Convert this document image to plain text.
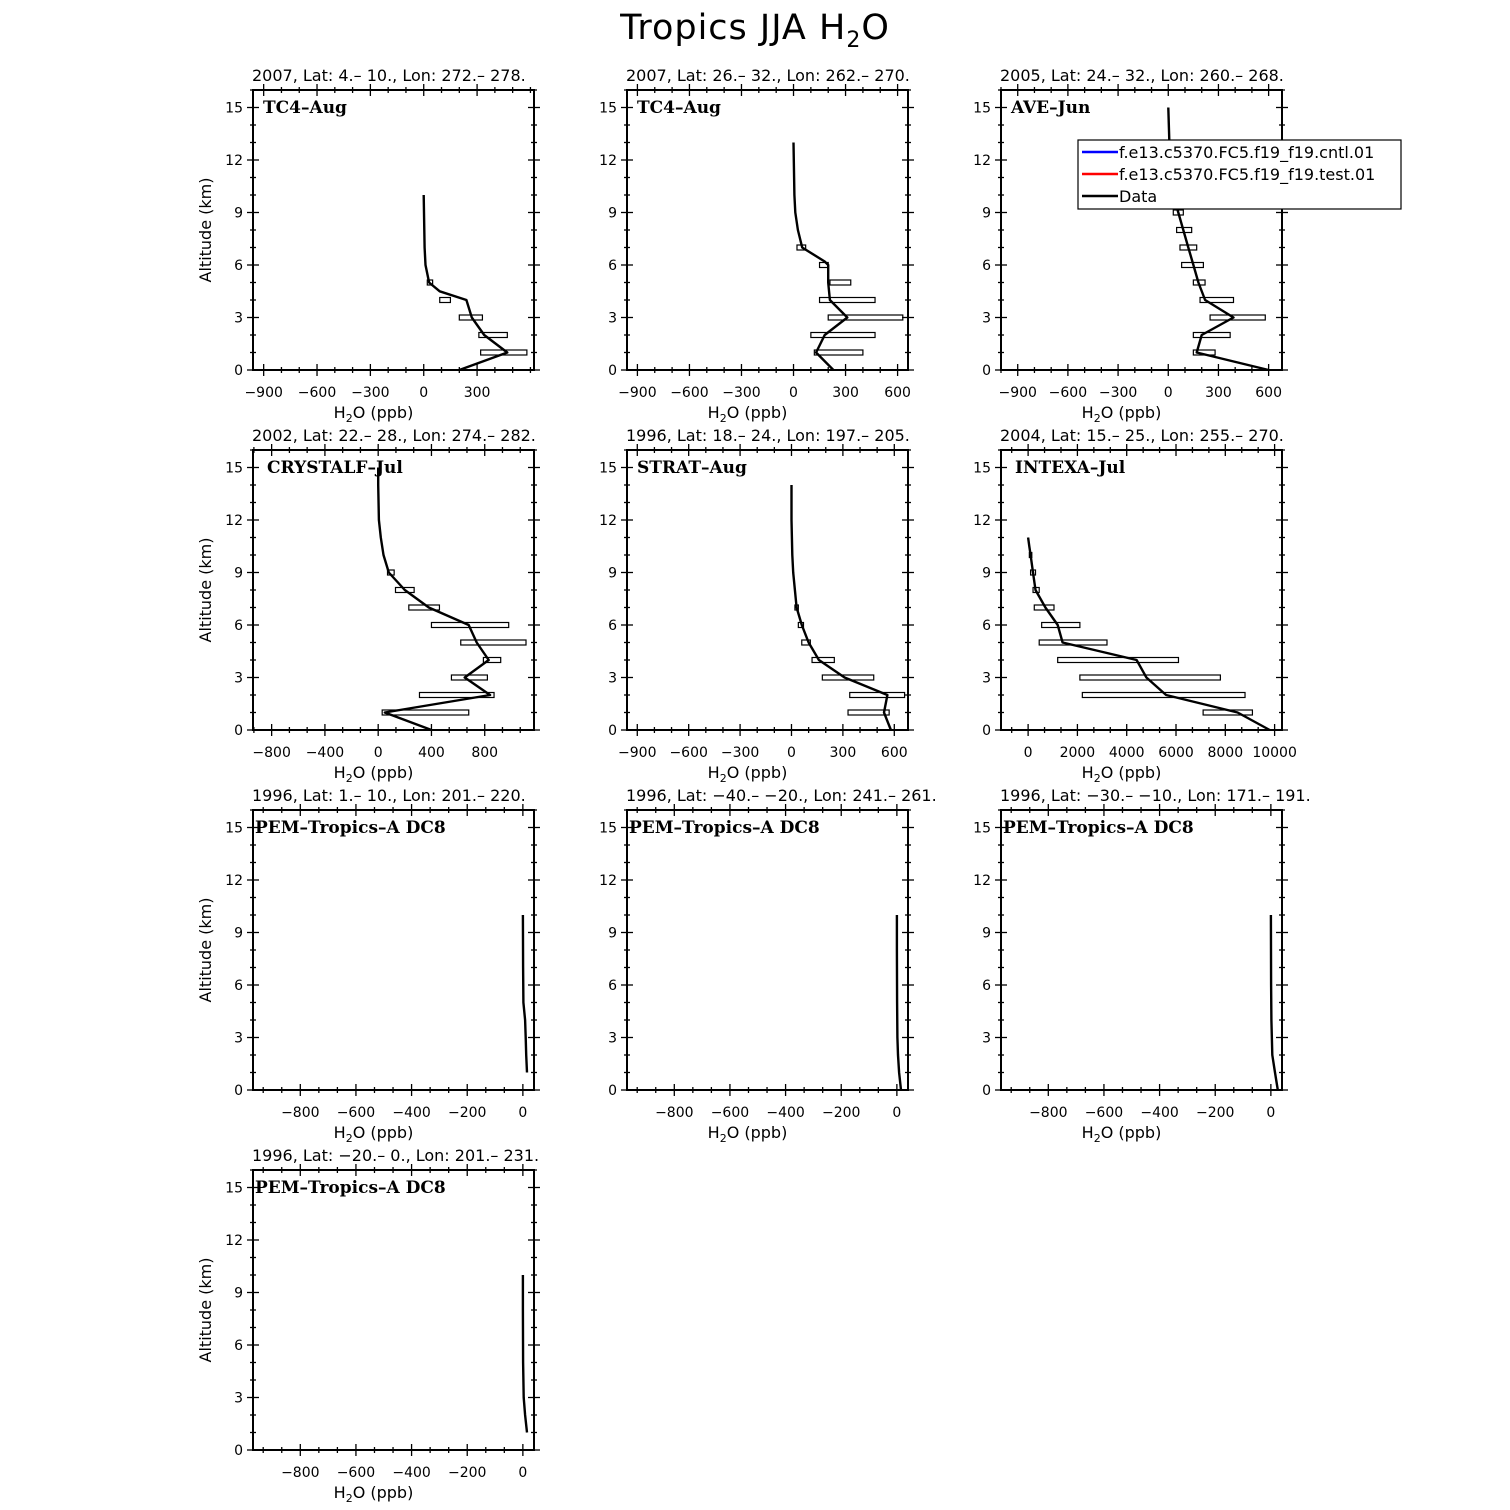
Tropics JJA $H_2O$
2007, Lat: 4.– 10., Lon: 272.– 278.
0
3
6
9
12
15
−900 −600 −300 0	300
$H_2O$ (ppb)
Altitude (km)
TC4–Aug
2007, Lat: 26.– 32., Lon: 262.– 270.
0
3
6
9
12
15
−900 −600 −300 0 300 600
$H_2O$ (ppb)
TC4–Aug
2005, Lat: 24.– 32., Lon: 260.– 268.
0
3
6
9
12
15
−900 −600 −300 0 300 600
$H_2O$ (ppb)
AVE–Jun
2002, Lat: 22.– 28., Lon: 274.– 282.
0
3
6
9
12
15
−800 −400 0	400 800
$H_2O$ (ppb)
Altitude (km)
CRYSTALF–Jul
1996, Lat: 18.– 24., Lon: 197.– 205.
0
3
6
9
12
15
−900 −600 −300 0 300 600
$H_2O$ (ppb)
STRAT–Aug
2004, Lat: 15.– 25., Lon: 255.– 270.
0
3
6
9
12
15
0 2000 4000 6000 8000 10000
$H_2O$ (ppb)
INTEXA–Jul
1996, Lat: 1.– 10., Lon: 201.– 220.
0
3
6
9
12
15
−800 −600 −400 −200 0
$H_2O$ (ppb)
Altitude (km)
PEM–Tropics–A DC8
1996, Lat: −40.– −20., Lon: 241.– 261.
0
3
6
9
12
15
−800 −600 −400 −200 0
$H_2O$ (ppb)
PEM–Tropics–A DC8
1996, Lat: −30.– −10., Lon: 171.– 191.
0
3
6
9
12
15
−800 −600 −400 −200 0
$H_2O$ (ppb)
PEM–Tropics–A DC8
1996, Lat: −20.– 0., Lon: 201.– 231.
0
3
6
9
12
15
−800 −600 −400 −200 0
$H_2O$ (ppb)
Altitude (km)
PEM–Tropics–A DC8
f.e13.c5370.FC5.f19_f19.cntl.01
f.e13.c5370.FC5.f19_f19.test.01
Data
